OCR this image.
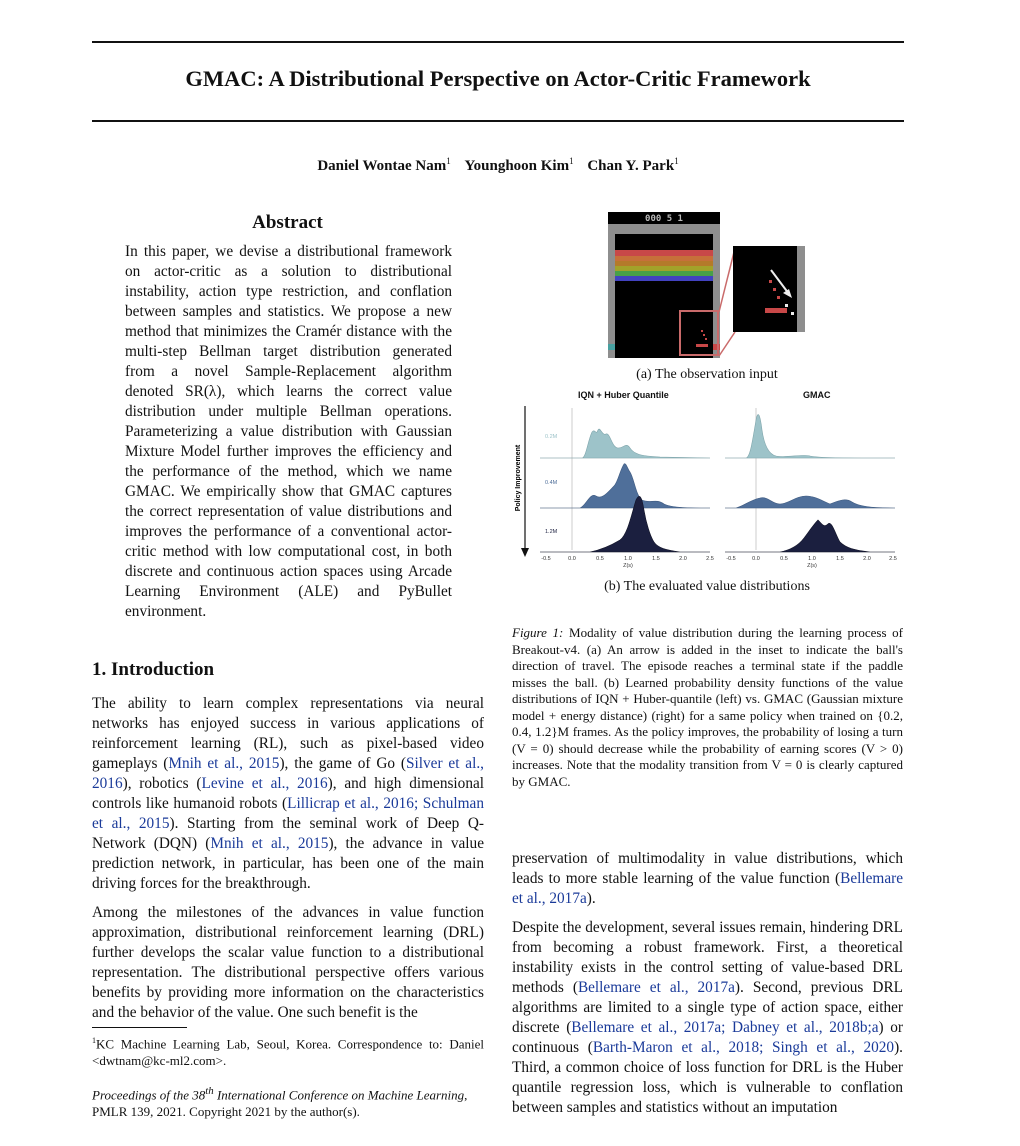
GMAC: A Distributional Perspective on Actor-Critic Framework
Daniel Wontae Nam$^1$ Younghoon Kim$^1$ Chan Y. Park$^1$
Abstract
In this paper, we devise a distributional framework on actor-critic as a solution to distributional instability, action type restriction, and conflation between samples and statistics. We propose a new method that minimizes the Cramér distance with the multi-step Bellman target distribution generated from a novel Sample-Replacement algorithm denoted SR(λ), which learns the correct value distribution under multiple Bellman operations. Parameterizing a value distribution with Gaussian Mixture Model further improves the efficiency and the performance of the method, which we name GMAC. We empirically show that GMAC captures the correct representation of value distributions and improves the performance of a conventional actor-critic method with low computational cost, in both discrete and continuous action spaces using Arcade Learning Environment (ALE) and PyBullet environment.
1. Introduction
The ability to learn complex representations via neural networks has enjoyed success in various applications of reinforcement learning (RL), such as pixel-based video gameplays (Mnih et al., 2015), the game of Go (Silver et al., 2016), robotics (Levine et al., 2016), and high dimensional controls like humanoid robots (Lillicrap et al., 2016; Schulman et al., 2015). Starting from the seminal work of Deep Q-Network (DQN) (Mnih et al., 2015), the advance in value prediction network, in particular, has been one of the main driving forces for the breakthrough.
Among the milestones of the advances in value function approximation, distributional reinforcement learning (DRL) further develops the scalar value function to a distributional representation. The distributional perspective offers various benefits by providing more information on the characteristics and the behavior of the value. One such benefit is the
$^1$KC Machine Learning Lab, Seoul, Korea. Correspondence to: Daniel <dwtnam@kc-ml2.com>.
Proceedings of the 38th International Conference on Machine Learning, PMLR 139, 2021. Copyright 2021 by the author(s).
000 5 1
(a) The observation input
IQN + Huber Quantile	GMAC
Policy Improvement
0.2M
0.4M
1.2M
-0.5	0.0	0.5	1.0	1.5	2.0	2.5 -0.5	0.0	0.5	1.0	1.5	2.0	2.5
Z(s)	Z(s)
(b) The evaluated value distributions
Figure 1: Modality of value distribution during the learning process of Breakout-v4. (a) An arrow is added in the inset to indicate the ball's direction of travel. The episode reaches a terminal state if the paddle misses the ball. (b) Learned probability density functions of the value distributions of IQN + Huber-quantile (left) vs. GMAC (Gaussian mixture model + energy distance) (right) for a same policy when trained on {0.2, 0.4, 1.2}M frames. As the policy improves, the probability of losing a turn (V = 0) should decrease while the probability of earning scores (V > 0) increases. Note that the modality transition from V = 0 is clearly captured by GMAC.
preservation of multimodality in value distributions, which leads to more stable learning of the value function (Bellemare et al., 2017a).
Despite the development, several issues remain, hindering DRL from becoming a robust framework. First, a theoretical instability exists in the control setting of value-based DRL methods (Bellemare et al., 2017a). Second, previous DRL algorithms are limited to a single type of action space, either discrete (Bellemare et al., 2017a; Dabney et al., 2018b;a) or continuous (Barth-Maron et al., 2018; Singh et al., 2020). Third, a common choice of loss function for DRL is the Huber quantile regression loss, which is vulnerable to conflation between samples and statistics without an imputation
